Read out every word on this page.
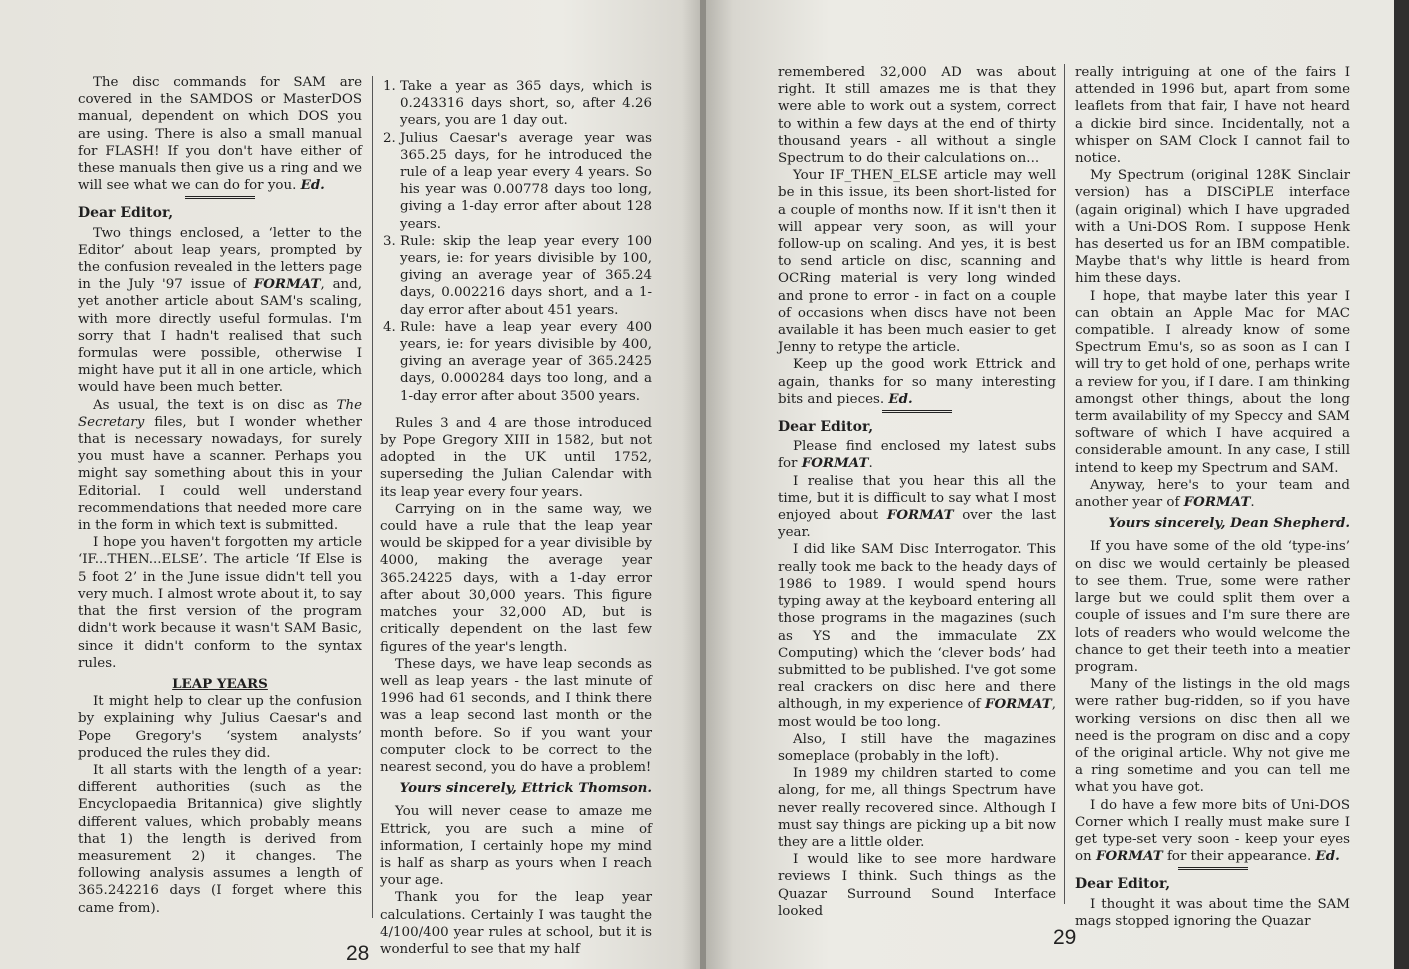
The disc commands for SAM are covered in the SAMDOS or MasterDOS manual, dependent on which DOS you are using. There is also a small manual for FLASH! If you don't have either of these manuals then give us a ring and we will see what we can do for you. Ed.

Dear Editor,

Two things enclosed, a ‘letter to the Editor’ about leap years, prompted by the confusion revealed in the letters page in the July '97 issue of FORMAT, and, yet another article about SAM's scaling, with more directly useful formulas. I'm sorry that I hadn't realised that such formulas were possible, otherwise I might have put it all in one article, which would have been much better.

As usual, the text is on disc as The Secretary files, but I wonder whether that is necessary nowadays, for surely you must have a scanner. Perhaps you might say something about this in your Editorial. I could well understand recommendations that needed more care in the form in which text is submitted.

I hope you haven't forgotten my article ‘IF...THEN...ELSE’. The article ‘If Else is 5 foot 2’ in the June issue didn't tell you very much. I almost wrote about it, to say that the first version of the program didn't work because it wasn't SAM Basic, since it didn't conform to the syntax rules.

LEAP YEARS

It might help to clear up the confusion by explaining why Julius Caesar's and Pope Gregory's ‘system analysts’ produced the rules they did.

It all starts with the length of a year: different authorities (such as the Encyclopaedia Britannica) give slightly different values, which probably means that 1) the length is derived from measurement 2) it changes. The following analysis assumes a length of 365.242216 days (I forget where this came from).

1. Take a year as 365 days, which is 0.243316 days short, so, after 4.26 years, you are 1 day out.
2. Julius Caesar's average year was 365.25 days, for he introduced the rule of a leap year every 4 years. So his year was 0.00778 days too long, giving a 1-day error after about 128 years.
3. Rule: skip the leap year every 100 years, ie: for years divisible by 100, giving an average year of 365.24 days, 0.002216 days short, and a 1-day error after about 451 years.
4. Rule: have a leap year every 400 years, ie: for years divisible by 400, giving an average year of 365.2425 days, 0.000284 days too long, and a 1-day error after about 3500 years.

Rules 3 and 4 are those introduced by Pope Gregory XIII in 1582, but not adopted in the UK until 1752, superseding the Julian Calendar with its leap year every four years.

Carrying on in the same way, we could have a rule that the leap year would be skipped for a year divisible by 4000, making the average year 365.24225 days, with a 1-day error after about 30,000 years. This figure matches your 32,000 AD, but is critically dependent on the last few figures of the year's length.

These days, we have leap seconds as well as leap years - the last minute of 1996 had 61 seconds, and I think there was a leap second last month or the month before. So if you want your computer clock to be correct to the nearest second, you do have a problem!

Yours sincerely, Ettrick Thomson.

You will never cease to amaze me Ettrick, you are such a mine of information, I certainly hope my mind is half as sharp as yours when I reach your age.

Thank you for the leap year calculations. Certainly I was taught the 4/100/400 year rules at school, but it is wonderful to see that my half

28

remembered 32,000 AD was about right. It still amazes me is that they were able to work out a system, correct to within a few days at the end of thirty thousand years - all without a single Spectrum to do their calculations on...

Your IF_THEN_ELSE article may well be in this issue, its been short-listed for a couple of months now. If it isn't then it will appear very soon, as will your follow-up on scaling. And yes, it is best to send article on disc, scanning and OCRing material is very long winded and prone to error - in fact on a couple of occasions when discs have not been available it has been much easier to get Jenny to retype the article.

Keep up the good work Ettrick and again, thanks for so many interesting bits and pieces. Ed.

Dear Editor,

Please find enclosed my latest subs for FORMAT.

I realise that you hear this all the time, but it is difficult to say what I most enjoyed about FORMAT over the last year.

I did like SAM Disc Interrogator. This really took me back to the heady days of 1986 to 1989. I would spend hours typing away at the keyboard entering all those programs in the magazines (such as YS and the immaculate ZX Computing) which the ‘clever bods’ had submitted to be published. I've got some real crackers on disc here and there although, in my experience of FORMAT, most would be too long.

Also, I still have the magazines someplace (probably in the loft).

In 1989 my children started to come along, for me, all things Spectrum have never really recovered since. Although I must say things are picking up a bit now they are a little older.

I would like to see more hardware reviews I think. Such things as the Quazar Surround Sound Interface looked

really intriguing at one of the fairs I attended in 1996 but, apart from some leaflets from that fair, I have not heard a dickie bird since. Incidentally, not a whisper on SAM Clock I cannot fail to notice.

My Spectrum (original 128K Sinclair version) has a DISCiPLE interface (again original) which I have upgraded with a Uni-DOS Rom. I suppose Henk has deserted us for an IBM compatible. Maybe that's why little is heard from him these days.

I hope, that maybe later this year I can obtain an Apple Mac for MAC compatible. I already know of some Spectrum Emu's, so as soon as I can I will try to get hold of one, perhaps write a review for you, if I dare. I am thinking amongst other things, about the long term availability of my Speccy and SAM software of which I have acquired a considerable amount. In any case, I still intend to keep my Spectrum and SAM.

Anyway, here's to your team and another year of FORMAT.

Yours sincerely, Dean Shepherd.

If you have some of the old ‘type-ins’ on disc we would certainly be pleased to see them. True, some were rather large but we could split them over a couple of issues and I'm sure there are lots of readers who would welcome the chance to get their teeth into a meatier program.

Many of the listings in the old mags were rather bug-ridden, so if you have working versions on disc then all we need is the program on disc and a copy of the original article. Why not give me a ring sometime and you can tell me what you have got.

I do have a few more bits of Uni-DOS Corner which I really must make sure I get type-set very soon - keep your eyes on FORMAT for their appearance. Ed.

Dear Editor,

I thought it was about time the SAM mags stopped ignoring the Quazar

29
